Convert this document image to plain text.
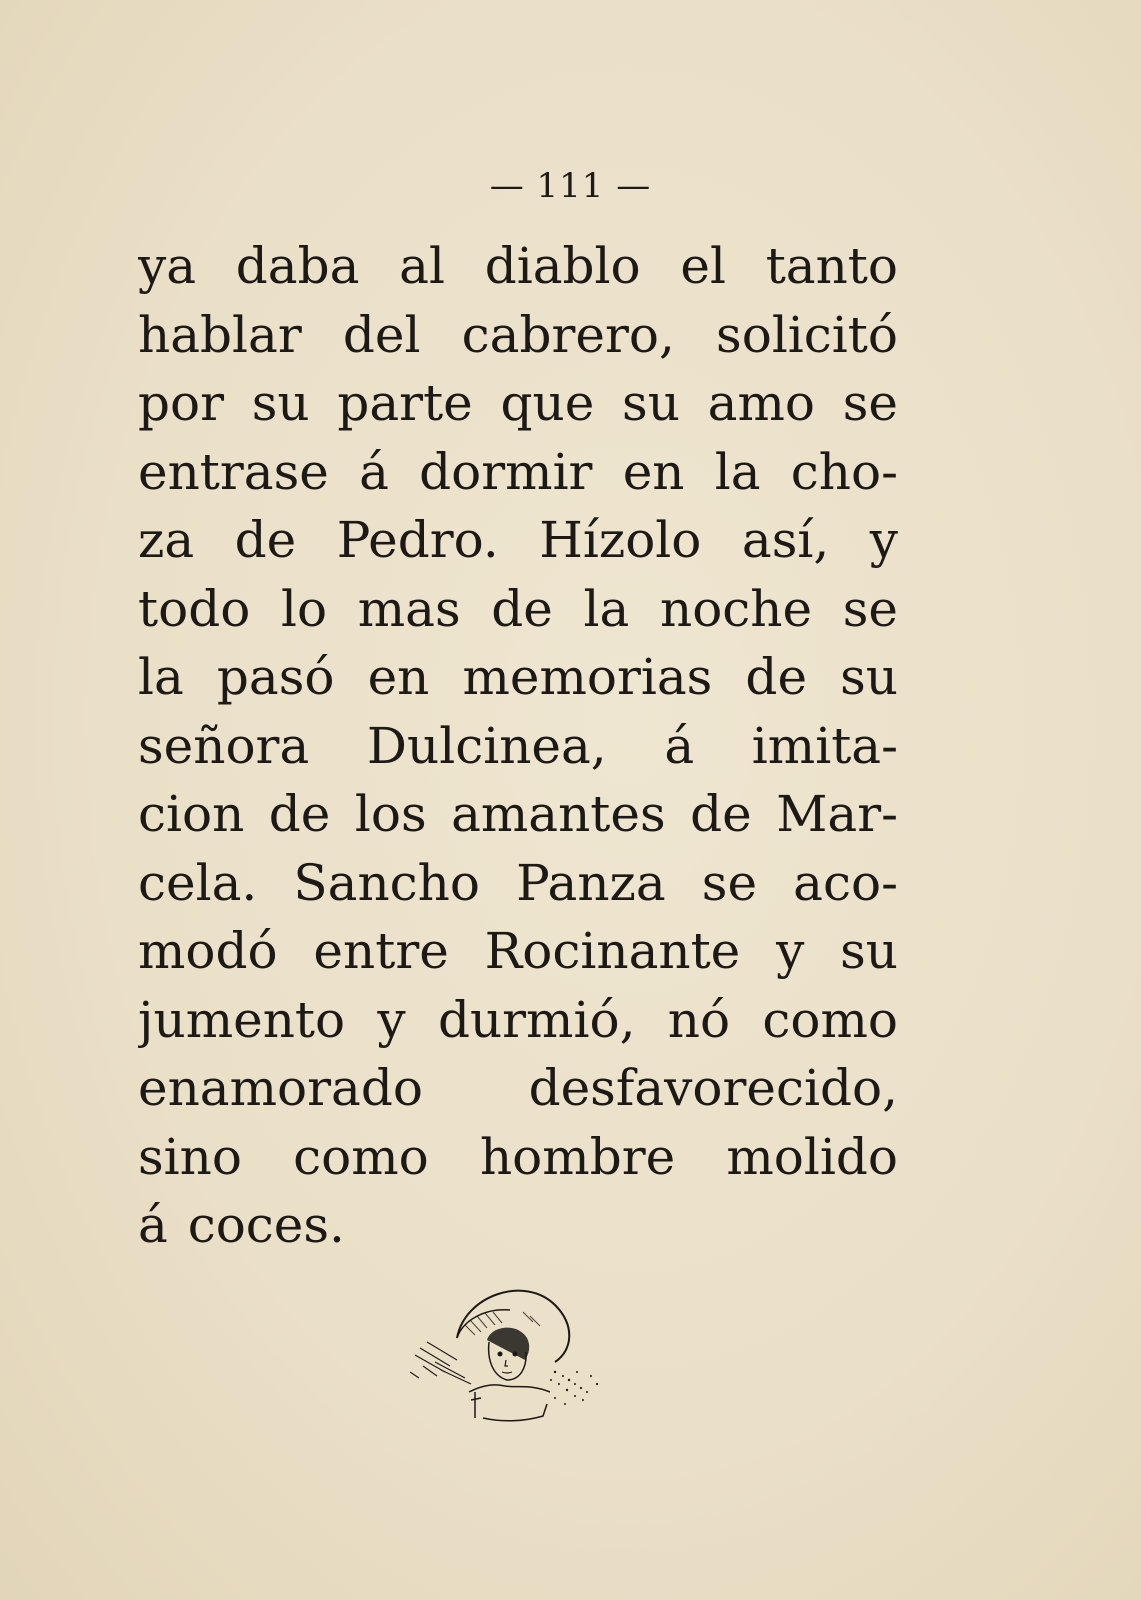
— 111 —
ya daba al diablo el tanto
hablar del cabrero, solicitó
por su parte que su amo se
entrase á dormir en la cho-
za de Pedro. Hízolo así, y
todo lo mas de la noche se
la pasó en memorias de su
señora Dulcinea, á imita-
cion de los amantes de Mar-
cela. Sancho Panza se aco-
modó entre Rocinante y su
jumento y durmió, nó como
enamorado desfavorecido,
sino como hombre molido
á coces.
